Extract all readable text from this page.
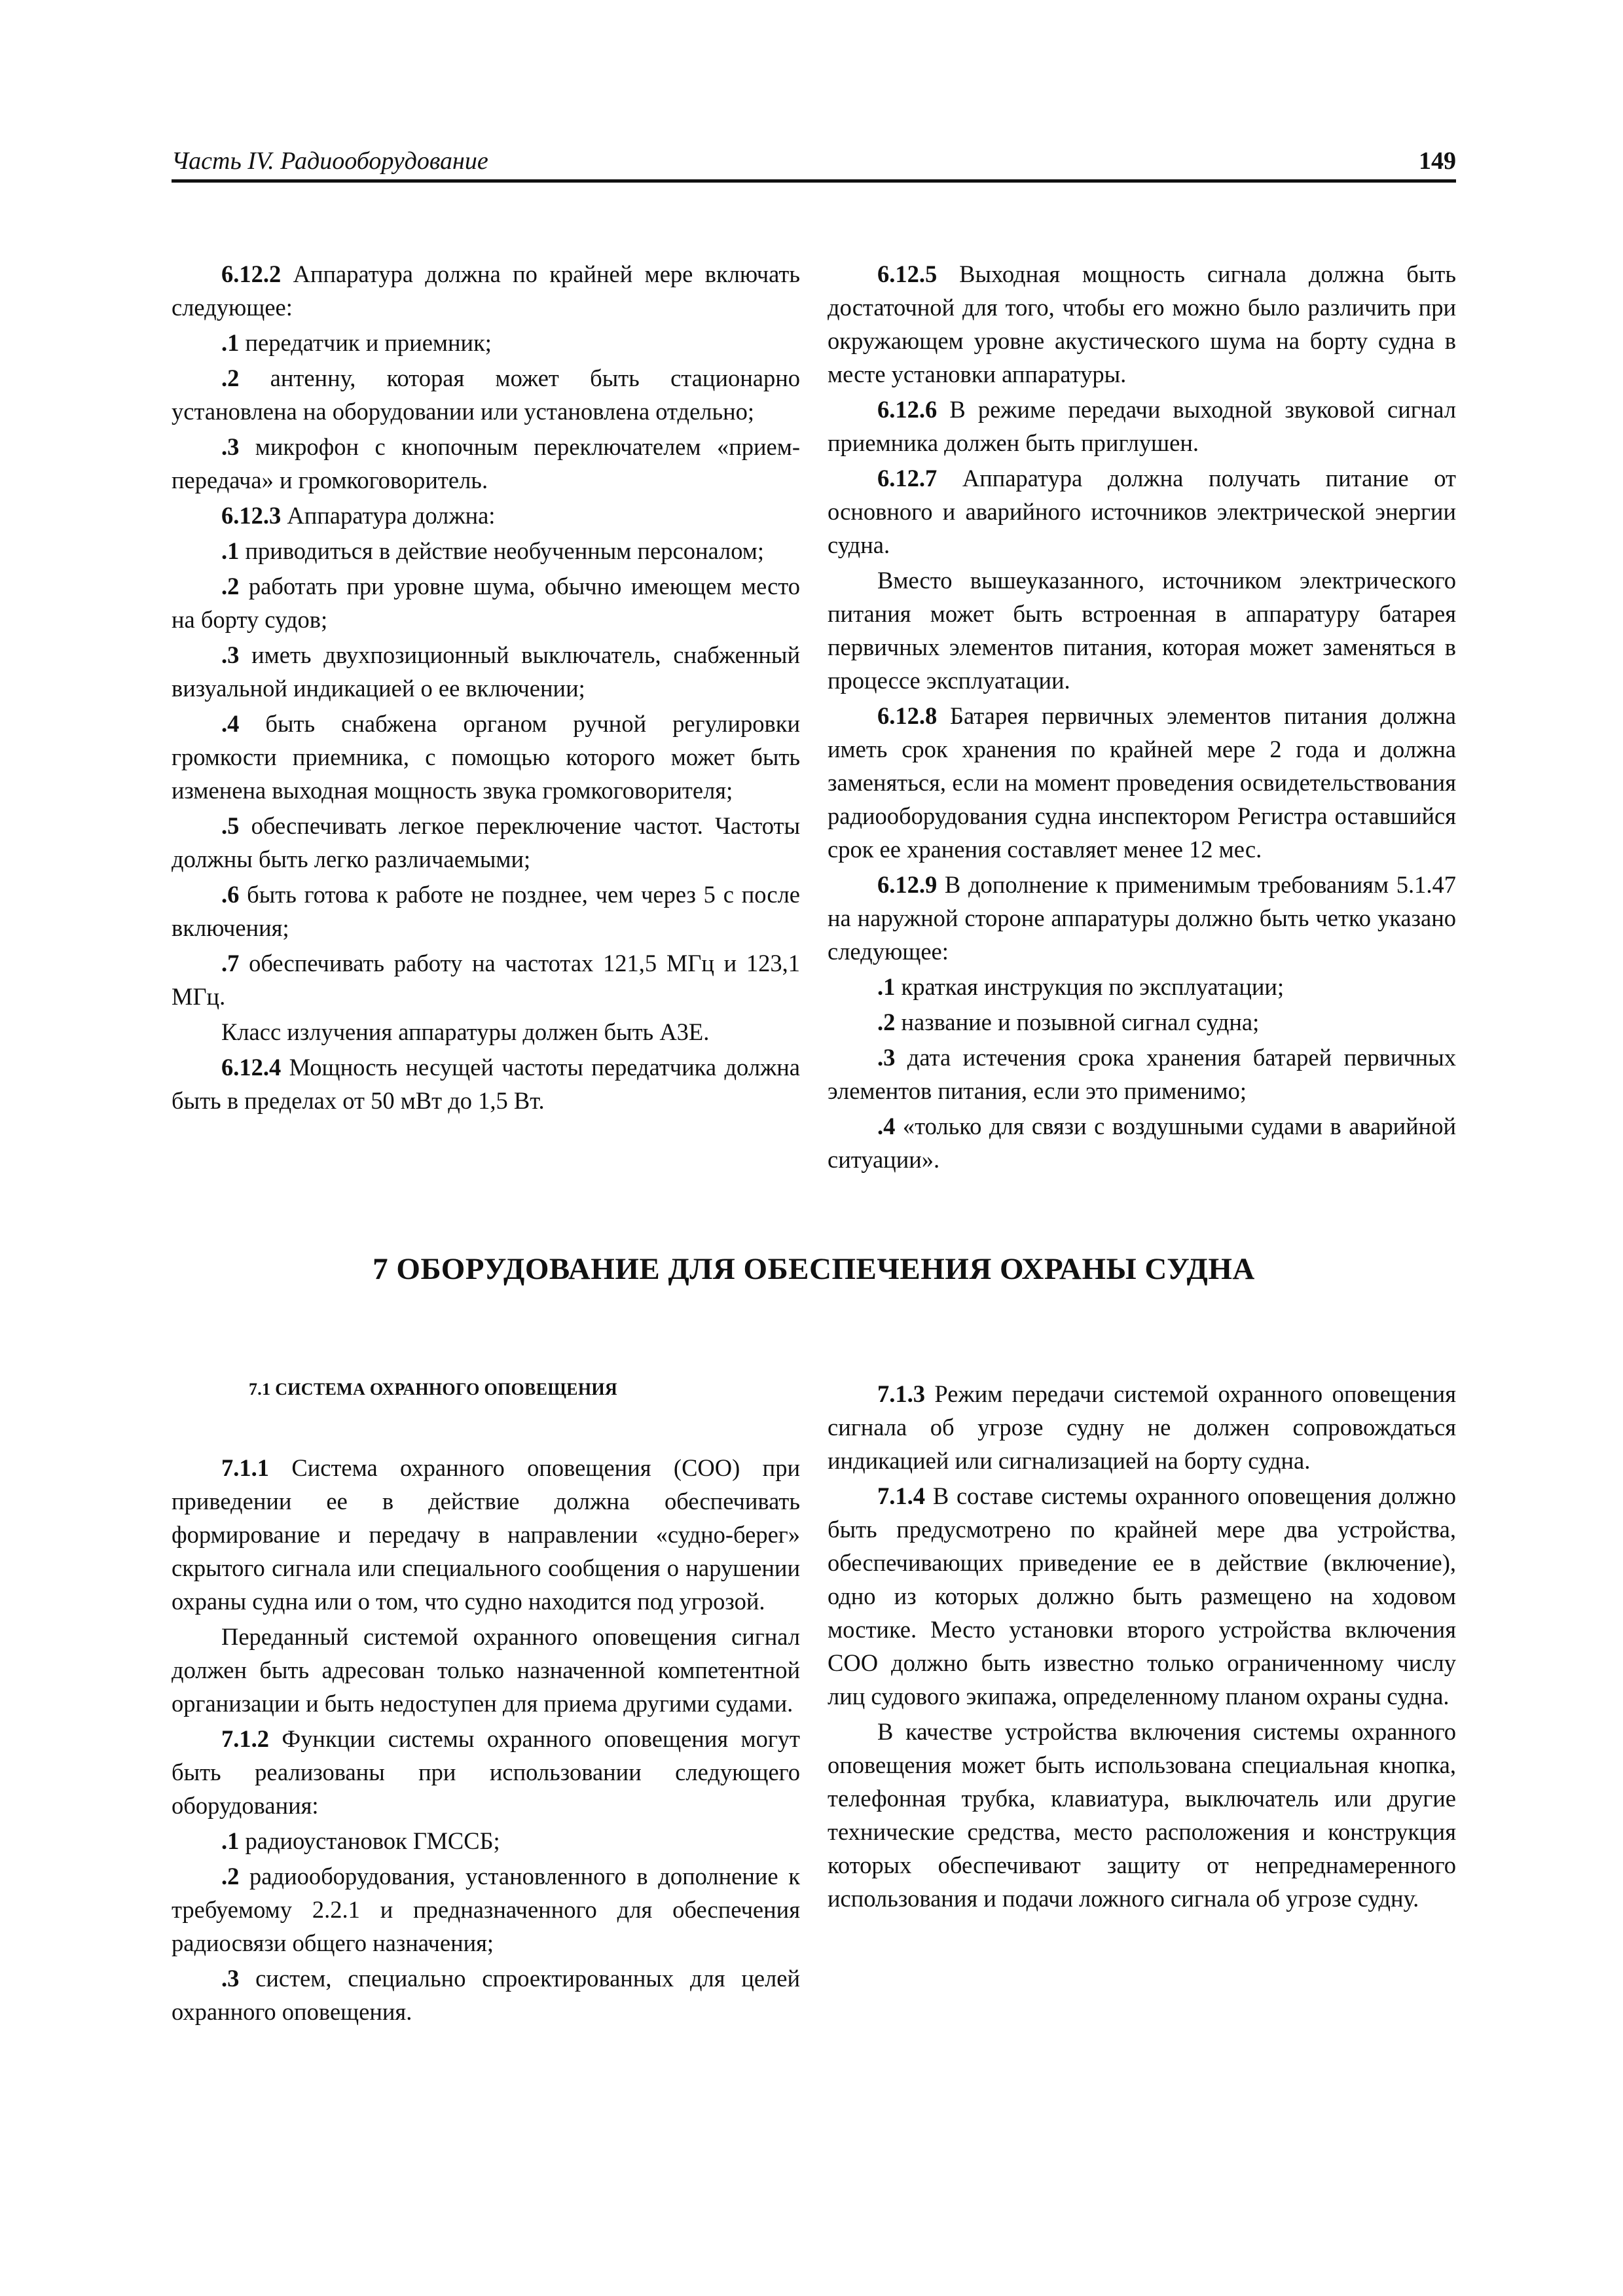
Часть IV. Радиооборудование	149

6.12.2 Аппаратура должна по крайней мере включать следующее:

.1 передатчик и приемник;

.2 антенну, которая может быть стационарно установлена на оборудовании или установлена отдельно;

.3 микрофон с кнопочным переключателем «прием-передача» и громкоговоритель.

6.12.3 Аппаратура должна:

.1 приводиться в действие необученным персоналом;

.2 работать при уровне шума, обычно имеющем место на борту судов;

.3 иметь двухпозиционный выключатель, снабженный визуальной индикацией о ее включении;

.4 быть снабжена органом ручной регулировки громкости приемника, с помощью которого может быть изменена выходная мощность звука громкоговорителя;

.5 обеспечивать легкое переключение частот. Частоты должны быть легко различаемыми;

.6 быть готова к работе не позднее, чем через 5 с после включения;

.7 обеспечивать работу на частотах 121,5 МГц и 123,1 МГц.

Класс излучения аппаратуры должен быть A3E.

6.12.4 Мощность несущей частоты передатчика должна быть в пределах от 50 мВт до 1,5 Вт.

6.12.5 Выходная мощность сигнала должна быть достаточной для того, чтобы его можно было различить при окружающем уровне акустического шума на борту судна в месте установки аппаратуры.

6.12.6 В режиме передачи выходной звуковой сигнал приемника должен быть приглушен.

6.12.7 Аппаратура должна получать питание от основного и аварийного источников электрической энергии судна.

Вместо вышеуказанного, источником электрического питания может быть встроенная в аппаратуру батарея первичных элементов питания, которая может заменяться в процессе эксплуатации.

6.12.8 Батарея первичных элементов питания должна иметь срок хранения по крайней мере 2 года и должна заменяться, если на момент проведения освидетельствования радиооборудования судна инспектором Регистра оставшийся срок ее хранения составляет менее 12 мес.

6.12.9 В дополнение к применимым требованиям 5.1.47 на наружной стороне аппаратуры должно быть четко указано следующее:

.1 краткая инструкция по эксплуатации;

.2 название и позывной сигнал судна;

.3 дата истечения срока хранения батарей первичных элементов питания, если это применимо;

.4 «только для связи с воздушными судами в аварийной ситуации».

7 ОБОРУДОВАНИЕ ДЛЯ ОБЕСПЕЧЕНИЯ ОХРАНЫ СУДНА
7.1 СИСТЕМА ОХРАННОГО ОПОВЕЩЕНИЯ

7.1.1 Система охранного оповещения (СОО) при приведении ее в действие должна обеспечивать формирование и передачу в направлении «судно-берег» скрытого сигнала или специального сообщения о нарушении охраны судна или о том, что судно находится под угрозой.

Переданный системой охранного оповещения сигнал должен быть адресован только назначенной компетентной организации и быть недоступен для приема другими судами.

7.1.2 Функции системы охранного оповещения могут быть реализованы при использовании следующего оборудования:

.1 радиоустановок ГМССБ;

.2 радиооборудования, установленного в дополнение к требуемому 2.2.1 и предназначенного для обеспечения радиосвязи общего назначения;

.3 систем, специально спроектированных для целей охранного оповещения.

7.1.3 Режим передачи системой охранного оповещения сигнала об угрозе судну не должен сопровождаться индикацией или сигнализацией на борту судна.

7.1.4 В составе системы охранного оповещения должно быть предусмотрено по крайней мере два устройства, обеспечивающих приведение ее в действие (включение), одно из которых должно быть размещено на ходовом мостике. Место установки второго устройства включения СОО должно быть известно только ограниченному числу лиц судового экипажа, определенному планом охраны судна.

В качестве устройства включения системы охранного оповещения может быть использована специальная кнопка, телефонная трубка, клавиатура, выключатель или другие технические средства, место расположения и конструкция которых обеспечивают защиту от непреднамеренного использования и подачи ложного сигнала об угрозе судну.
